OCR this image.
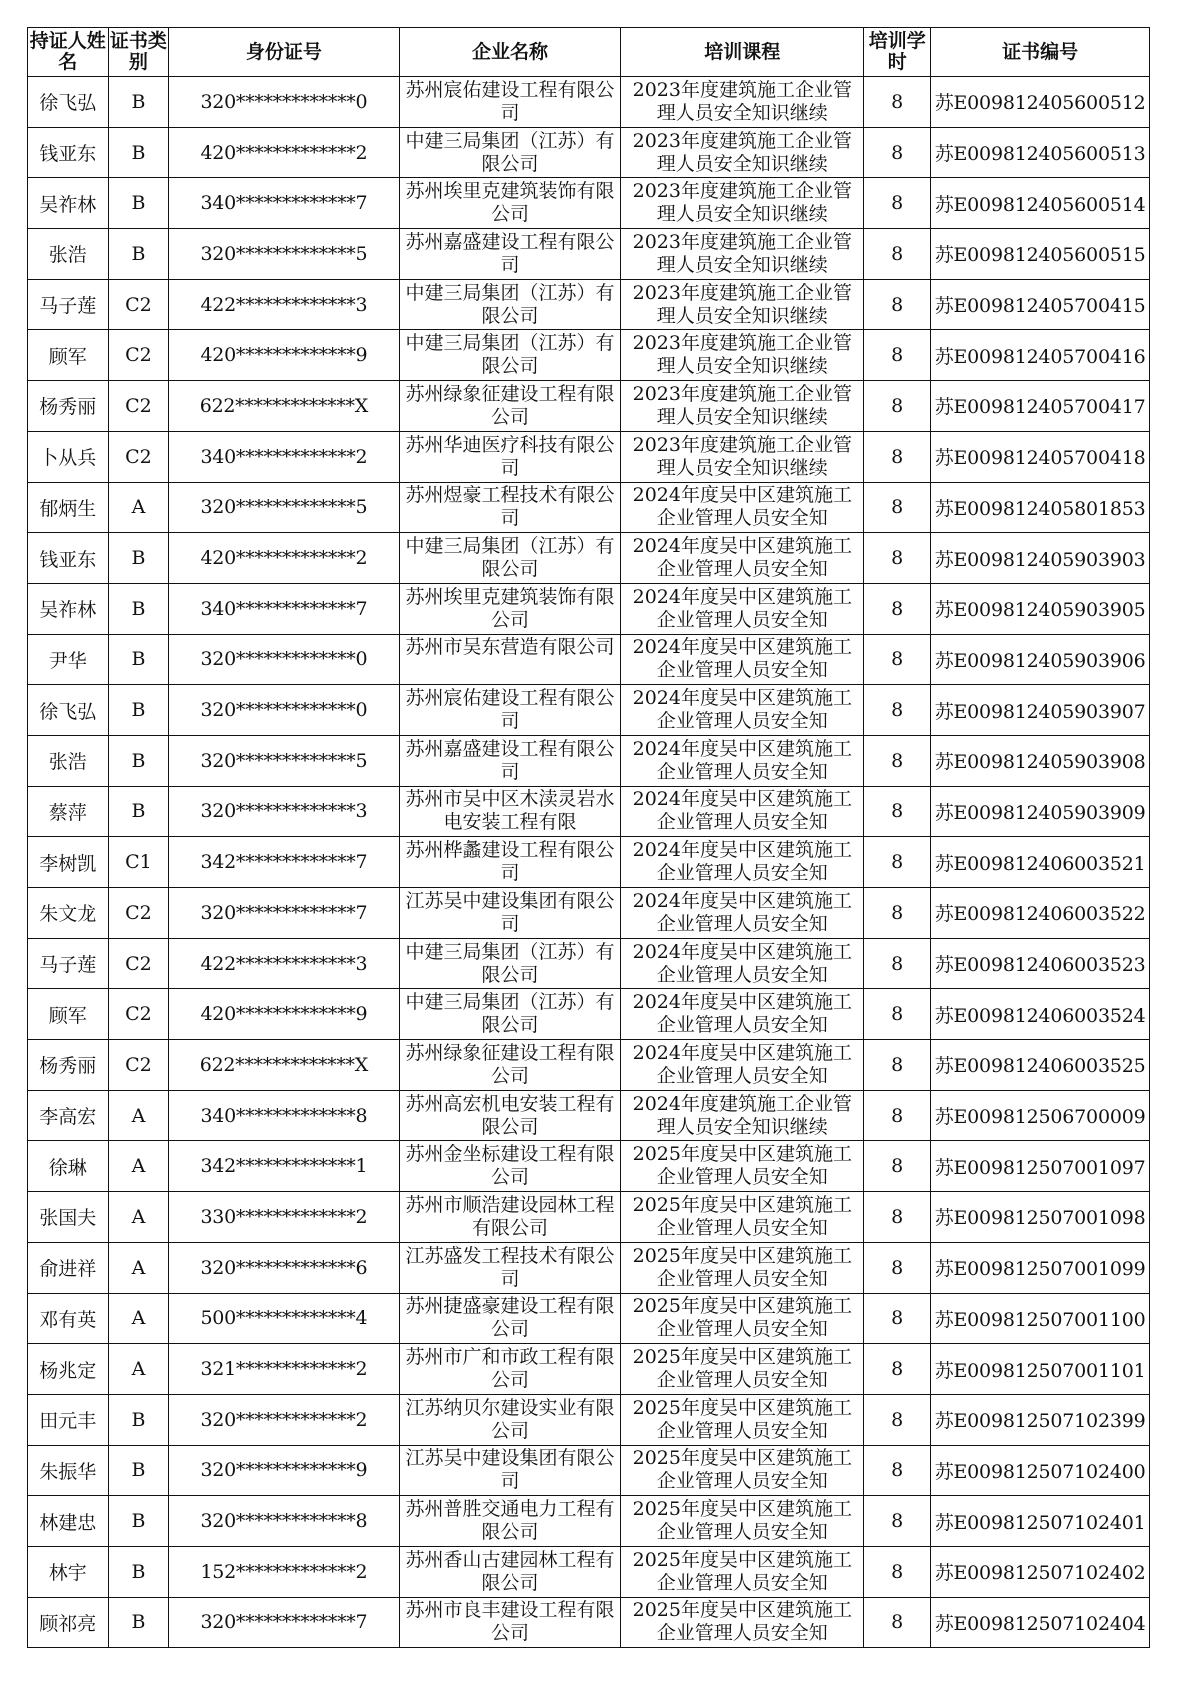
持证人姓名	证书类别	身份证号	企业名称	培训课程	培训学时	证书编号
徐飞弘	B	320*************0	苏州宸佑建设工程有限公司	2023年度建筑施工企业管理人员安全知识继续	8	苏E009812405600512
钱亚东	B	420*************2	中建三局集团（江苏）有限公司	2023年度建筑施工企业管理人员安全知识继续	8	苏E009812405600513
吴祚林	B	340*************7	苏州埃里克建筑装饰有限公司	2023年度建筑施工企业管理人员安全知识继续	8	苏E009812405600514
张浩	B	320*************5	苏州嘉盛建设工程有限公司	2023年度建筑施工企业管理人员安全知识继续	8	苏E009812405600515
马子莲	C2	422*************3	中建三局集团（江苏）有限公司	2023年度建筑施工企业管理人员安全知识继续	8	苏E009812405700415
顾军	C2	420*************9	中建三局集团（江苏）有限公司	2023年度建筑施工企业管理人员安全知识继续	8	苏E009812405700416
杨秀丽	C2	622*************X	苏州绿象征建设工程有限公司	2023年度建筑施工企业管理人员安全知识继续	8	苏E009812405700417
卜从兵	C2	340*************2	苏州华迪医疗科技有限公司	2023年度建筑施工企业管理人员安全知识继续	8	苏E009812405700418
郁炳生	A	320*************5	苏州煜豪工程技术有限公司	2024年度吴中区建筑施工企业管理人员安全知	8	苏E009812405801853
钱亚东	B	420*************2	中建三局集团（江苏）有限公司	2024年度吴中区建筑施工企业管理人员安全知	8	苏E009812405903903
吴祚林	B	340*************7	苏州埃里克建筑装饰有限公司	2024年度吴中区建筑施工企业管理人员安全知	8	苏E009812405903905
尹华	B	320*************0	苏州市吴东营造有限公司	2024年度吴中区建筑施工企业管理人员安全知	8	苏E009812405903906
徐飞弘	B	320*************0	苏州宸佑建设工程有限公司	2024年度吴中区建筑施工企业管理人员安全知	8	苏E009812405903907
张浩	B	320*************5	苏州嘉盛建设工程有限公司	2024年度吴中区建筑施工企业管理人员安全知	8	苏E009812405903908
蔡萍	B	320*************3	苏州市吴中区木渎灵岩水电安装工程有限	2024年度吴中区建筑施工企业管理人员安全知	8	苏E009812405903909
李树凯	C1	342*************7	苏州桦蠡建设工程有限公司	2024年度吴中区建筑施工企业管理人员安全知	8	苏E009812406003521
朱文龙	C2	320*************7	江苏吴中建设集团有限公司	2024年度吴中区建筑施工企业管理人员安全知	8	苏E009812406003522
马子莲	C2	422*************3	中建三局集团（江苏）有限公司	2024年度吴中区建筑施工企业管理人员安全知	8	苏E009812406003523
顾军	C2	420*************9	中建三局集团（江苏）有限公司	2024年度吴中区建筑施工企业管理人员安全知	8	苏E009812406003524
杨秀丽	C2	622*************X	苏州绿象征建设工程有限公司	2024年度吴中区建筑施工企业管理人员安全知	8	苏E009812406003525
李高宏	A	340*************8	苏州高宏机电安装工程有限公司	2024年度建筑施工企业管理人员安全知识继续	8	苏E009812506700009
徐琳	A	342*************1	苏州金坐标建设工程有限公司	2025年度吴中区建筑施工企业管理人员安全知	8	苏E009812507001097
张国夫	A	330*************2	苏州市顺浩建设园林工程有限公司	2025年度吴中区建筑施工企业管理人员安全知	8	苏E009812507001098
俞进祥	A	320*************6	江苏盛发工程技术有限公司	2025年度吴中区建筑施工企业管理人员安全知	8	苏E009812507001099
邓有英	A	500*************4	苏州捷盛豪建设工程有限公司	2025年度吴中区建筑施工企业管理人员安全知	8	苏E009812507001100
杨兆定	A	321*************2	苏州市广和市政工程有限公司	2025年度吴中区建筑施工企业管理人员安全知	8	苏E009812507001101
田元丰	B	320*************2	江苏纳贝尔建设实业有限公司	2025年度吴中区建筑施工企业管理人员安全知	8	苏E009812507102399
朱振华	B	320*************9	江苏吴中建设集团有限公司	2025年度吴中区建筑施工企业管理人员安全知	8	苏E009812507102400
林建忠	B	320*************8	苏州普胜交通电力工程有限公司	2025年度吴中区建筑施工企业管理人员安全知	8	苏E009812507102401
林宇	B	152*************2	苏州香山古建园林工程有限公司	2025年度吴中区建筑施工企业管理人员安全知	8	苏E009812507102402
顾祁亮	B	320*************7	苏州市良丰建设工程有限公司	2025年度吴中区建筑施工企业管理人员安全知	8	苏E009812507102404
